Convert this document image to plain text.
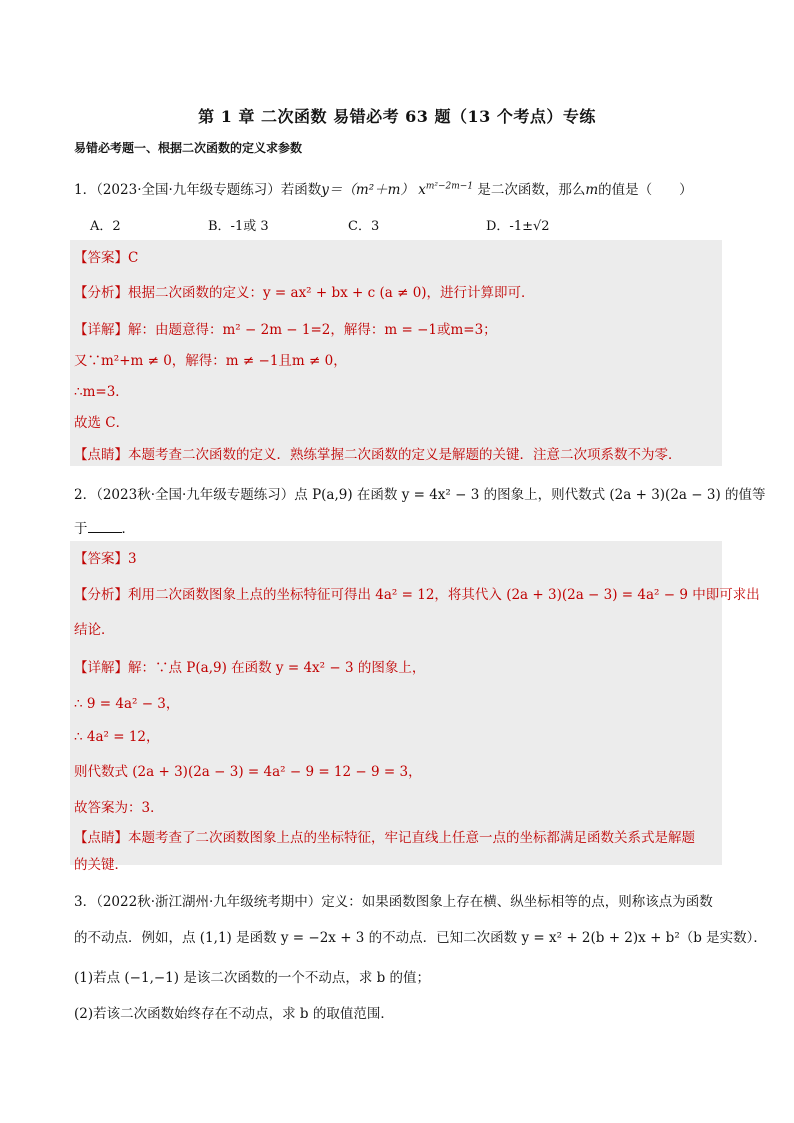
第 1 章 二次函数 易错必考 63 题（13 个考点）专练
易错必考题一、根据二次函数的定义求参数
1．（2023·全国·九年级专题练习）若函数y＝（m²＋m） $x^{m^2-2m-1}$ 是二次函数，那么m的值是（　　）
A．2	B．-1或 3	C．3	D．-1±√2
【答案】C
【分析】根据二次函数的定义：y = ax² + bx + c (a ≠ 0)，进行计算即可．
【详解】解：由题意得：m² − 2m − 1=2，解得：m = −1或m=3；
又∵m²+m ≠ 0，解得：m ≠ −1且m ≠ 0，
∴m=3．
故选 C．
【点睛】本题考查二次函数的定义．熟练掌握二次函数的定义是解题的关键．注意二次项系数不为零．
2．（2023秋·全国·九年级专题练习）点 P(a,9) 在函数 y = 4x² − 3 的图象上，则代数式 (2a + 3)(2a − 3) 的值等
于	．
【答案】3
【分析】利用二次函数图象上点的坐标特征可得出 4a² = 12，将其代入 (2a + 3)(2a − 3) = 4a² − 9 中即可求出
结论．
【详解】解：∵点 P(a,9) 在函数 y = 4x² − 3 的图象上，
∴ 9 = 4a² − 3，
∴ 4a² = 12，
则代数式 (2a + 3)(2a − 3) = 4a² − 9 = 12 − 9 = 3，
故答案为：3．
【点睛】本题考查了二次函数图象上点的坐标特征，牢记直线上任意一点的坐标都满足函数关系式是解题
的关键．
3．（2022秋·浙江湖州·九年级统考期中）定义：如果函数图象上存在横、纵坐标相等的点，则称该点为函数
的不动点．例如，点 (1,1) 是函数 y = −2x + 3 的不动点．已知二次函数 y = x² + 2(b + 2)x + b²（b 是实数）．
(1)若点 (−1,−1) 是该二次函数的一个不动点，求 b 的值；
(2)若该二次函数始终存在不动点，求 b 的取值范围．
